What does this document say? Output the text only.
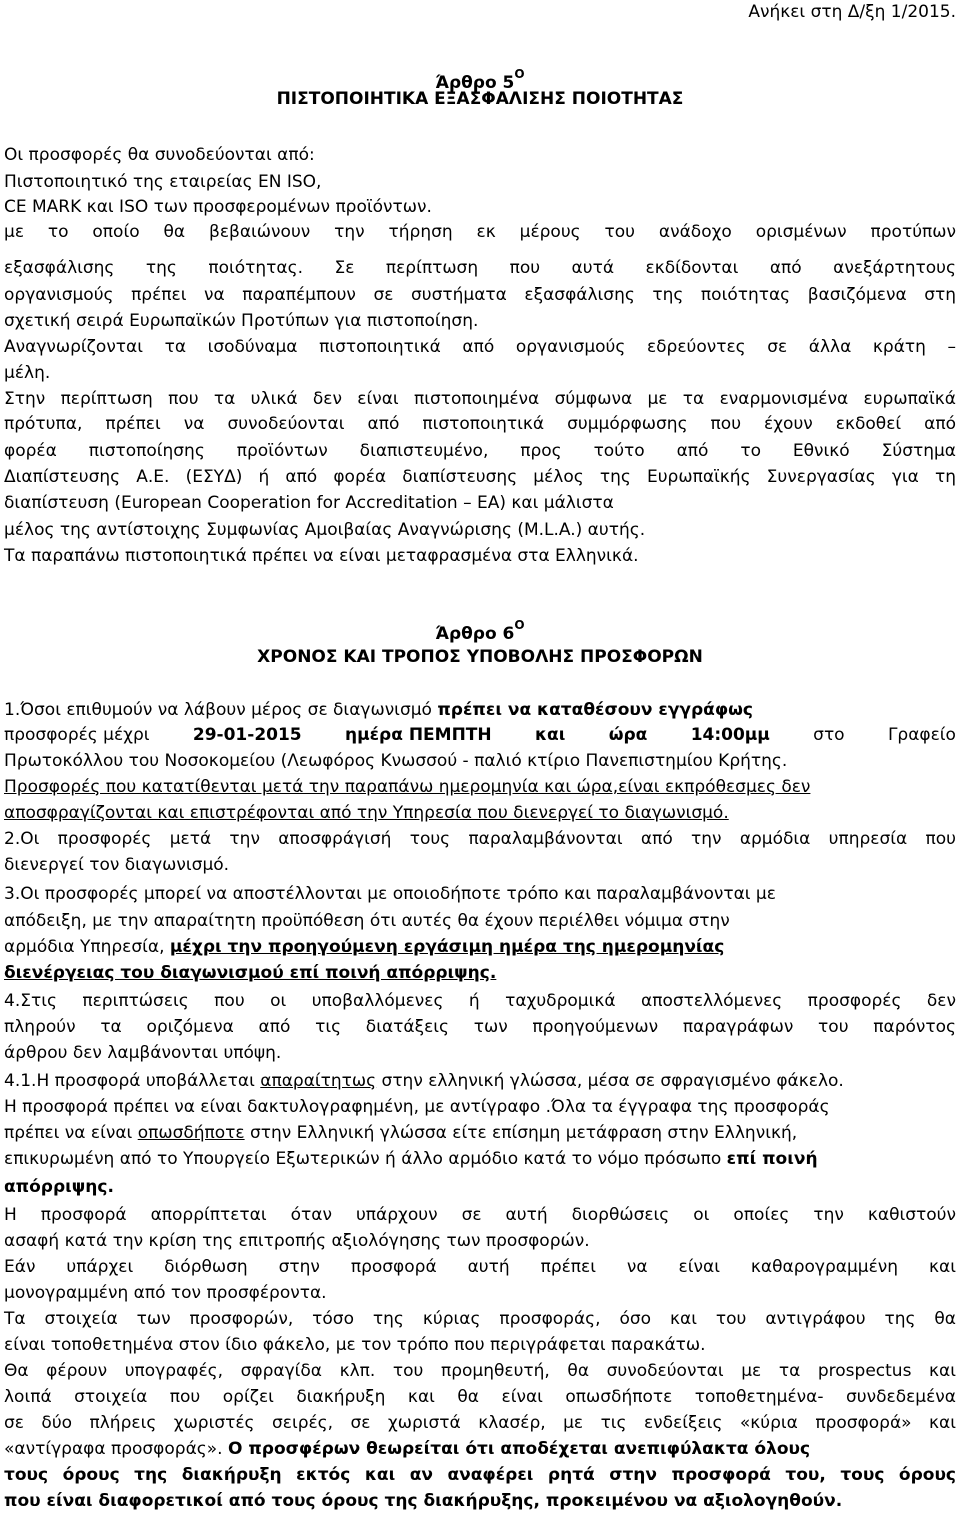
Ανήκει στη Δ/ξη 1/2015.
Άρθρο $5^O$
ΠΙΣΤΟΠΟΙΗΤΙΚΑ ΕΞΑΣΦΑΛΙΣΗΣ ΠΟΙΟΤΗΤΑΣ
Οι προσφορές θα συνοδεύονται από:
Πιστοποιητικό της εταιρείας EN ISO,
CE MARK και ISO των προσφερομένων προϊόντων.
με το οποίο θα βεβαιώνουν την τήρηση εκ μέρους του ανάδοχο ορισμένων προτύπων
εξασφάλισης της ποιότητας. Σε περίπτωση που αυτά εκδίδονται από ανεξάρτητους
οργανισμούς πρέπει να παραπέμπουν σε συστήματα εξασφάλισης της ποιότητας βασιζόμενα στη
σχετική σειρά Ευρωπαϊκών Προτύπων για πιστοποίηση.
Αναγνωρίζονται τα ισοδύναμα πιστοποιητικά από οργανισμούς εδρεύοντες σε άλλα κράτη –
μέλη.
Στην περίπτωση που τα υλικά δεν είναι πιστοποιημένα σύμφωνα με τα εναρμονισμένα ευρωπαϊκά
πρότυπα, πρέπει να συνοδεύονται από πιστοποιητικά συμμόρφωσης που έχουν εκδοθεί από
φορέα πιστοποίησης προϊόντων διαπιστευμένο, προς τούτο από το Εθνικό Σύστημα
Διαπίστευσης Α.Ε. (ΕΣΥΔ) ή από φορέα διαπίστευσης μέλος της Ευρωπαϊκής Συνεργασίας για τη
διαπίστευση (European Cooperation for Accreditation – EA) και μάλιστα
μέλος της αντίστοιχης Συμφωνίας Αμοιβαίας Αναγνώρισης (M.L.A.) αυτής.
Τα παραπάνω πιστοποιητικά πρέπει να είναι μεταφρασμένα στα Ελληνικά.
Άρθρο $6^O$
ΧΡΟΝΟΣ ΚΑΙ ΤΡΟΠΟΣ ΥΠΟΒΟΛΗΣ ΠΡΟΣΦΟΡΩΝ
1.Όσοι επιθυμούν να λάβουν μέρος σε διαγωνισμό πρέπει να καταθέσουν εγγράφως
προσφορές μέχρι	29-01-2015	ημέρα ΠΕΜΠΤΗ	και	ώρα	14:00μμ	στο	Γραφείο
Πρωτοκόλλου του Νοσοκομείου (Λεωφόρος Κνωσσού - παλιό κτίριο Πανεπιστημίου Κρήτης.
Προσφορές που κατατίθενται μετά την παραπάνω ημερομηνία και ώρα,είναι εκπρόθεσμες δεν
αποσφραγίζονται και επιστρέφονται από την Υπηρεσία που διενεργεί το διαγωνισμό.
2.Οι προσφορές μετά την αποσφράγισή τους παραλαμβάνονται από την αρμόδια υπηρεσία που
διενεργεί τον διαγωνισμό.
3.Οι προσφορές μπορεί να αποστέλλονται με οποιοδήποτε τρόπο και παραλαμβάνονται με
απόδειξη, με την απαραίτητη προϋπόθεση ότι αυτές θα έχουν περιέλθει νόμιμα στην
αρμόδια Υπηρεσία, μέχρι την προηγούμενη εργάσιμη ημέρα της ημερομηνίας
διενέργειας του διαγωνισμού επί ποινή απόρριψης.
4.Στις περιπτώσεις που οι υποβαλλόμενες ή ταχυδρομικά αποστελλόμενες προσφορές δεν
πληρούν τα οριζόμενα από τις διατάξεις των προηγούμενων παραγράφων του παρόντος
άρθρου δεν λαμβάνονται υπόψη.
4.1.Η προσφορά υποβάλλεται απαραίτητως στην ελληνική γλώσσα, μέσα σε σφραγισμένο φάκελο.
Η προσφορά πρέπει να είναι δακτυλογραφημένη, με αντίγραφο .Όλα τα έγγραφα της προσφοράς
πρέπει να είναι οπωσδήποτε στην Ελληνική γλώσσα είτε επίσημη μετάφραση στην Ελληνική,
επικυρωμένη από το Υπουργείο Εξωτερικών ή άλλο αρμόδιο κατά το νόμο πρόσωπο επί ποινή
απόρριψης.
Η προσφορά απορρίπτεται όταν υπάρχουν σε αυτή διορθώσεις οι οποίες την καθιστούν
ασαφή κατά την κρίση της επιτροπής αξιολόγησης των προσφορών.
Εάν υπάρχει διόρθωση στην προσφορά αυτή πρέπει να είναι καθαρογραμμένη και
μονογραμμένη από τον προσφέροντα.
Τα στοιχεία των προσφορών, τόσο της κύριας προσφοράς, όσο και του αντιγράφου της θα
είναι τοποθετημένα στον ίδιο φάκελο, με τον τρόπο που περιγράφεται παρακάτω.
Θα φέρουν υπογραφές, σφραγίδα κλπ. του προμηθευτή, θα συνοδεύονται με τα prospectus και
λοιπά στοιχεία που ορίζει διακήρυξη και θα είναι οπωσδήποτε τοποθετημένα- συνδεδεμένα
σε δύο πλήρεις χωριστές σειρές, σε χωριστά κλασέρ, με τις ενδείξεις «κύρια προσφορά» και
«αντίγραφα προσφοράς». Ο προσφέρων θεωρείται ότι αποδέχεται ανεπιφύλακτα όλους
τους όρους της διακήρυξη εκτός και αν αναφέρει ρητά στην προσφορά του, τους όρους
που είναι διαφορετικοί από τους όρους της διακήρυξης, προκειμένου να αξιολογηθούν.
